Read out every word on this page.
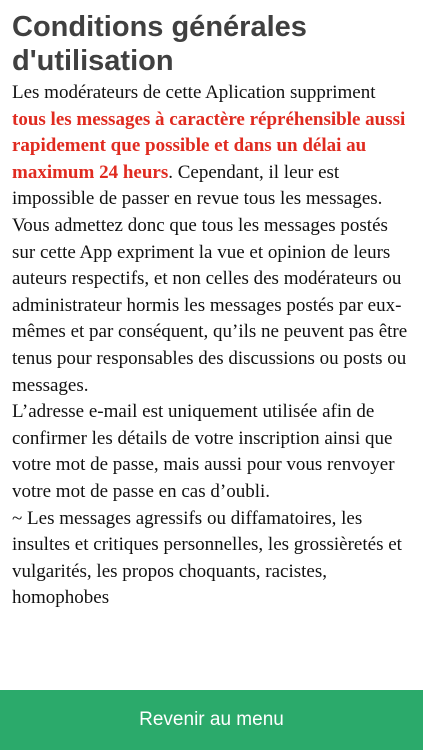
Conditions générales d'utilisation
Les modérateurs de cette Aplication suppriment tous les messages à caractère répréhensible aussi rapidement que possible et dans un délai au maximum 24 heurs. Cependant, il leur est impossible de passer en revue tous les messages. Vous admettez donc que tous les messages postés sur cette App expriment la vue et opinion de leurs auteurs respectifs, et non celles des modérateurs ou administrateur hormis les messages postés par eux-mêmes et par conséquent, qu’ils ne peuvent pas être tenus pour responsables des discussions ou posts ou messages.
L’adresse e-mail est uniquement utilisée afin de confirmer les détails de votre inscription ainsi que votre mot de passe, mais aussi pour vous renvoyer votre mot de passe en cas d’oubli.
~ Les messages agressifs ou diffamatoires, les insultes et critiques personnelles, les grossièretés et vulgarités, les propos choquants, racistes, homophobes
Revenir au menu
